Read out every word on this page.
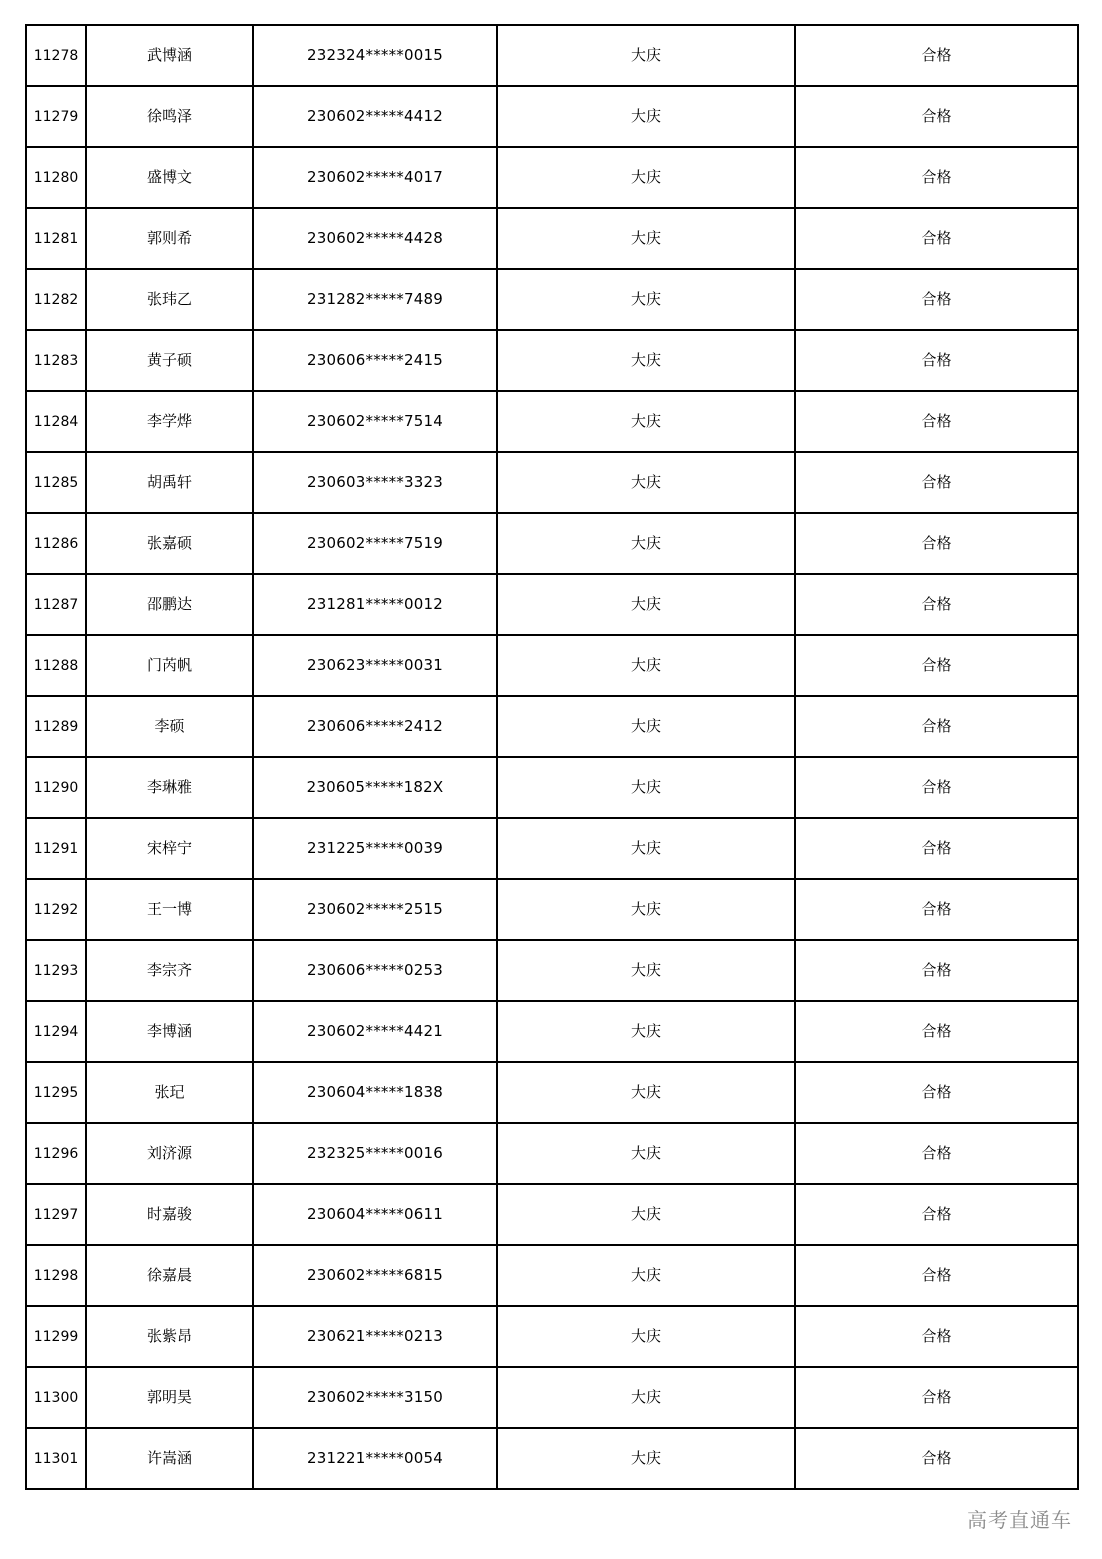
11278	武博涵	232324*****0015	大庆	合格
11279	徐鸣泽	230602*****4412	大庆	合格
11280	盛博文	230602*****4017	大庆	合格
11281	郭则希	230602*****4428	大庆	合格
11282	张玮乙	231282*****7489	大庆	合格
11283	黄子硕	230606*****2415	大庆	合格
11284	李学烨	230602*****7514	大庆	合格
11285	胡禹轩	230603*****3323	大庆	合格
11286	张嘉硕	230602*****7519	大庆	合格
11287	邵鹏达	231281*****0012	大庆	合格
11288	门芮帆	230623*****0031	大庆	合格
11289	李硕	230606*****2412	大庆	合格
11290	李琳雅	230605*****182X	大庆	合格
11291	宋梓宁	231225*****0039	大庆	合格
11292	王一博	230602*****2515	大庆	合格
11293	李宗齐	230606*****0253	大庆	合格
11294	李博涵	230602*****4421	大庆	合格
11295	张玘	230604*****1838	大庆	合格
11296	刘济源	232325*****0016	大庆	合格
11297	时嘉骏	230604*****0611	大庆	合格
11298	徐嘉晨	230602*****6815	大庆	合格
11299	张紫昂	230621*****0213	大庆	合格
11300	郭明昊	230602*****3150	大庆	合格
11301	许嵩涵	231221*****0054	大庆	合格
高考直通车
